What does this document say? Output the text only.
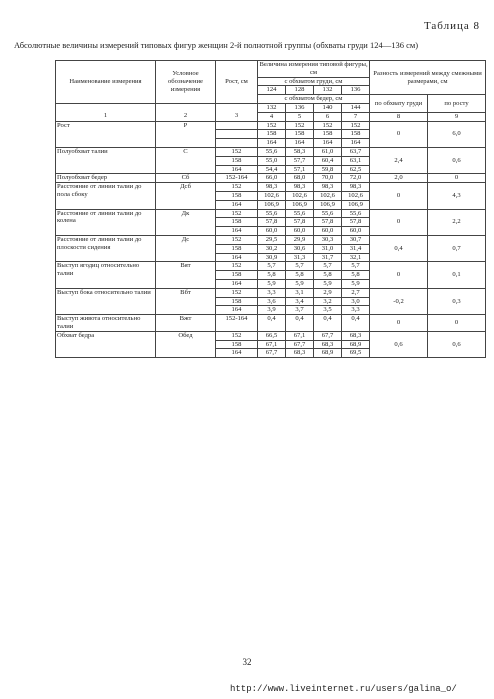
Таблица 8
Абсолютные величины измерений типовых фигур женщин 2-й полнотной группы (обхваты груди 124—136 см)
Наименование измерения	Условное обозначение измерения	Рост, см	Величина измерения типовой фигуры, см				Разность измерений между смежными размерами, см	
			с обхватом груди, см					
			124	128	132	136		
			с обхватом бедер, см				по обхвату груди	по росту
			132	136	140	144		
1	2	3	4	5	6	7	8	9
Рост	Р		152	152	152	152	0	6,0
			158	158	158	158		
			164	164	164	164		
Полуобхват талии	С	152	55,6	58,3	61,0	63,7	2,4	0,6
		158	55,0	57,7	60,4	63,1		
		164	54,4	57,1	59,8	62,5		
Полуобхват бедер	Сб	152-164	66,0	68,0	70,0	72,0	2,0	0
Расстояние от линии талии до пола сбоку	Дсб	152	98,3	98,3	98,3	98,3	0	4,3
		158	102,6	102,6	102,6	102,6		
		164	106,9	106,9	106,9	106,9		
Расстояние от линии талии до колена	Дк	152	55,6	55,6	55,6	55,6	0	2,2
		158	57,8	57,8	57,8	57,8		
		164	60,0	60,0	60,0	60,0		
Расстояние от линии талии до плоскости сидения	Дс	152	29,5	29,9	30,3	30,7	0,4	0,7
		158	30,2	30,6	31,0	31,4		
		164	30,9	31,3	31,7	32,1		
Выступ ягодиц относительно талии	Вят	152	5,7	5,7	5,7	5,7	0	0,1
		158	5,8	5,8	5,8	5,8		
		164	5,9	5,9	5,9	5,9		
Выступ бока относительно талии	Вбт	152	3,3	3,1	2,9	2,7	-0,2	0,3
		158	3,6	3,4	3,2	3,0		
		164	3,9	3,7	3,5	3,3		
Выступ живота относительно талии	Вжт	152-164	0,4	0,4	0,4	0,4	0	0
Обхват бедра	Обед	152	66,5	67,1	67,7	68,3	0,6	0,6
		158	67,1	67,7	68,3	68,9		
		164	67,7	68,3	68,9	69,5		
32
http://www.liveinternet.ru/users/galina_o/
